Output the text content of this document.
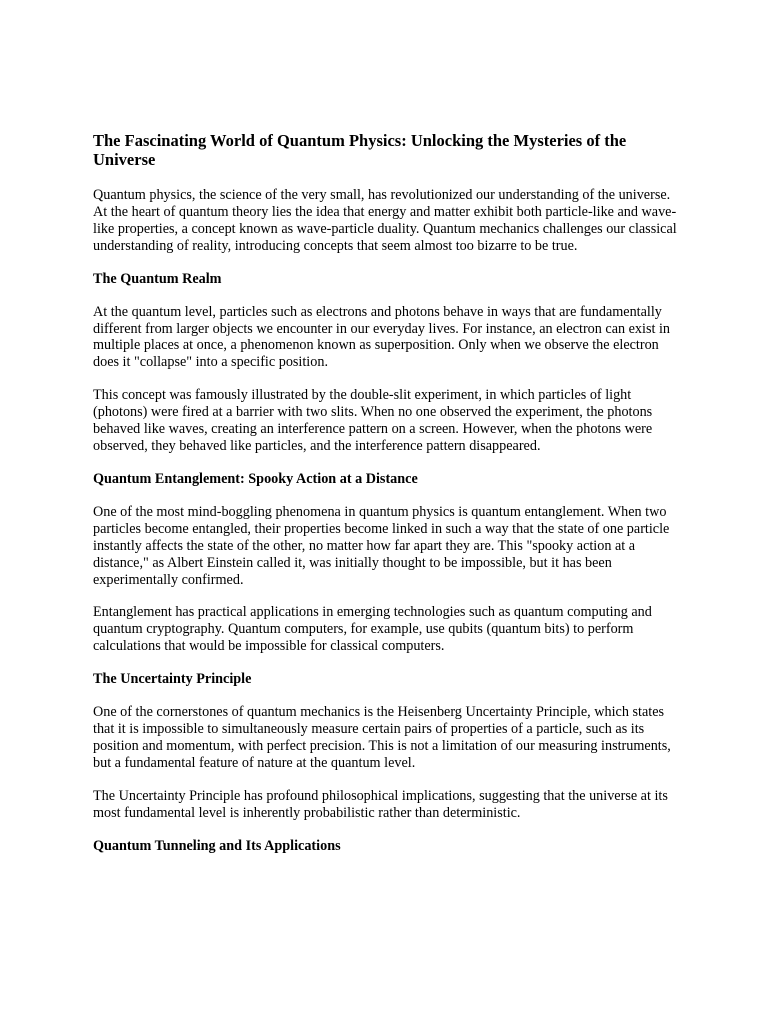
The Fascinating World of Quantum Physics: Unlocking the Mysteries of the Universe

Quantum physics, the science of the very small, has revolutionized our understanding of the universe. At the heart of quantum theory lies the idea that energy and matter exhibit both particle-like and wave-like properties, a concept known as wave-particle duality. Quantum mechanics challenges our classical understanding of reality, introducing concepts that seem almost too bizarre to be true.

The Quantum Realm

At the quantum level, particles such as electrons and photons behave in ways that are fundamentally different from larger objects we encounter in our everyday lives. For instance, an electron can exist in multiple places at once, a phenomenon known as superposition. Only when we observe the electron does it "collapse" into a specific position.

This concept was famously illustrated by the double-slit experiment, in which particles of light (photons) were fired at a barrier with two slits. When no one observed the experiment, the photons behaved like waves, creating an interference pattern on a screen. However, when the photons were observed, they behaved like particles, and the interference pattern disappeared.

Quantum Entanglement: Spooky Action at a Distance

One of the most mind-boggling phenomena in quantum physics is quantum entanglement. When two particles become entangled, their properties become linked in such a way that the state of one particle instantly affects the state of the other, no matter how far apart they are. This "spooky action at a distance," as Albert Einstein called it, was initially thought to be impossible, but it has been experimentally confirmed.

Entanglement has practical applications in emerging technologies such as quantum computing and quantum cryptography. Quantum computers, for example, use qubits (quantum bits) to perform calculations that would be impossible for classical computers.

The Uncertainty Principle

One of the cornerstones of quantum mechanics is the Heisenberg Uncertainty Principle, which states that it is impossible to simultaneously measure certain pairs of properties of a particle, such as its position and momentum, with perfect precision. This is not a limitation of our measuring instruments, but a fundamental feature of nature at the quantum level.

The Uncertainty Principle has profound philosophical implications, suggesting that the universe at its most fundamental level is inherently probabilistic rather than deterministic.

Quantum Tunneling and Its Applications
